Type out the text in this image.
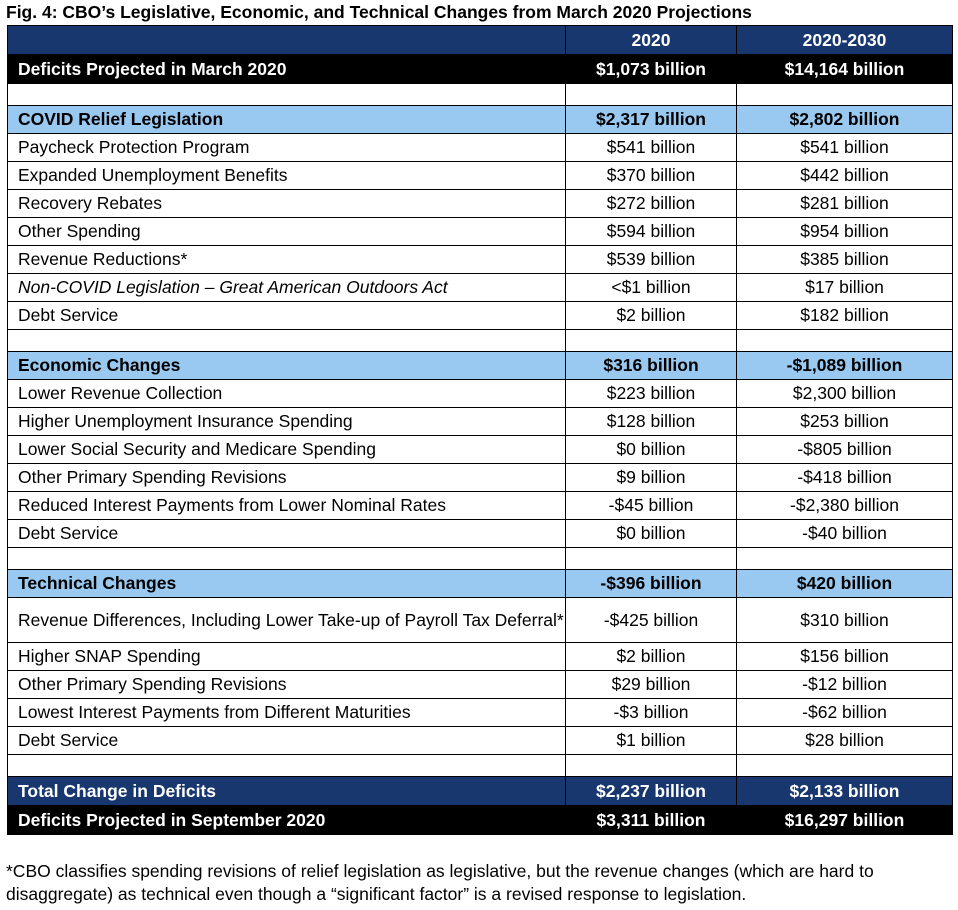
Fig. 4: CBO’s Legislative, Economic, and Technical Changes from March 2020 Projections
	2020	2020-2030
Deficits Projected in March 2020	$1,073 billion	$14,164 billion

COVID Relief Legislation	$2,317 billion	$2,802 billion
Paycheck Protection Program	$541 billion	$541 billion
Expanded Unemployment Benefits	$370 billion	$442 billion
Recovery Rebates	$272 billion	$281 billion
Other Spending	$594 billion	$954 billion
Revenue Reductions*	$539 billion	$385 billion
Non-COVID Legislation – Great American Outdoors Act	<$1 billion	$17 billion
Debt Service	$2 billion	$182 billion

Economic Changes	$316 billion	-$1,089 billion
Lower Revenue Collection	$223 billion	$2,300 billion
Higher Unemployment Insurance Spending	$128 billion	$253 billion
Lower Social Security and Medicare Spending	$0 billion	-$805 billion
Other Primary Spending Revisions	$9 billion	-$418 billion
Reduced Interest Payments from Lower Nominal Rates	-$45 billion	-$2,380 billion
Debt Service	$0 billion	-$40 billion

Technical Changes	-$396 billion	$420 billion
Revenue Differences, Including Lower Take-up of Payroll Tax Deferral*	-$425 billion	$310 billion
Higher SNAP Spending	$2 billion	$156 billion
Other Primary Spending Revisions	$29 billion	-$12 billion
Lowest Interest Payments from Different Maturities	-$3 billion	-$62 billion
Debt Service	$1 billion	$28 billion

Total Change in Deficits	$2,237 billion	$2,133 billion
Deficits Projected in September 2020	$3,311 billion	$16,297 billion
*CBO classifies spending revisions of relief legislation as legislative, but the revenue changes (which are hard to disaggregate) as technical even though a “significant factor” is a revised response to legislation.
